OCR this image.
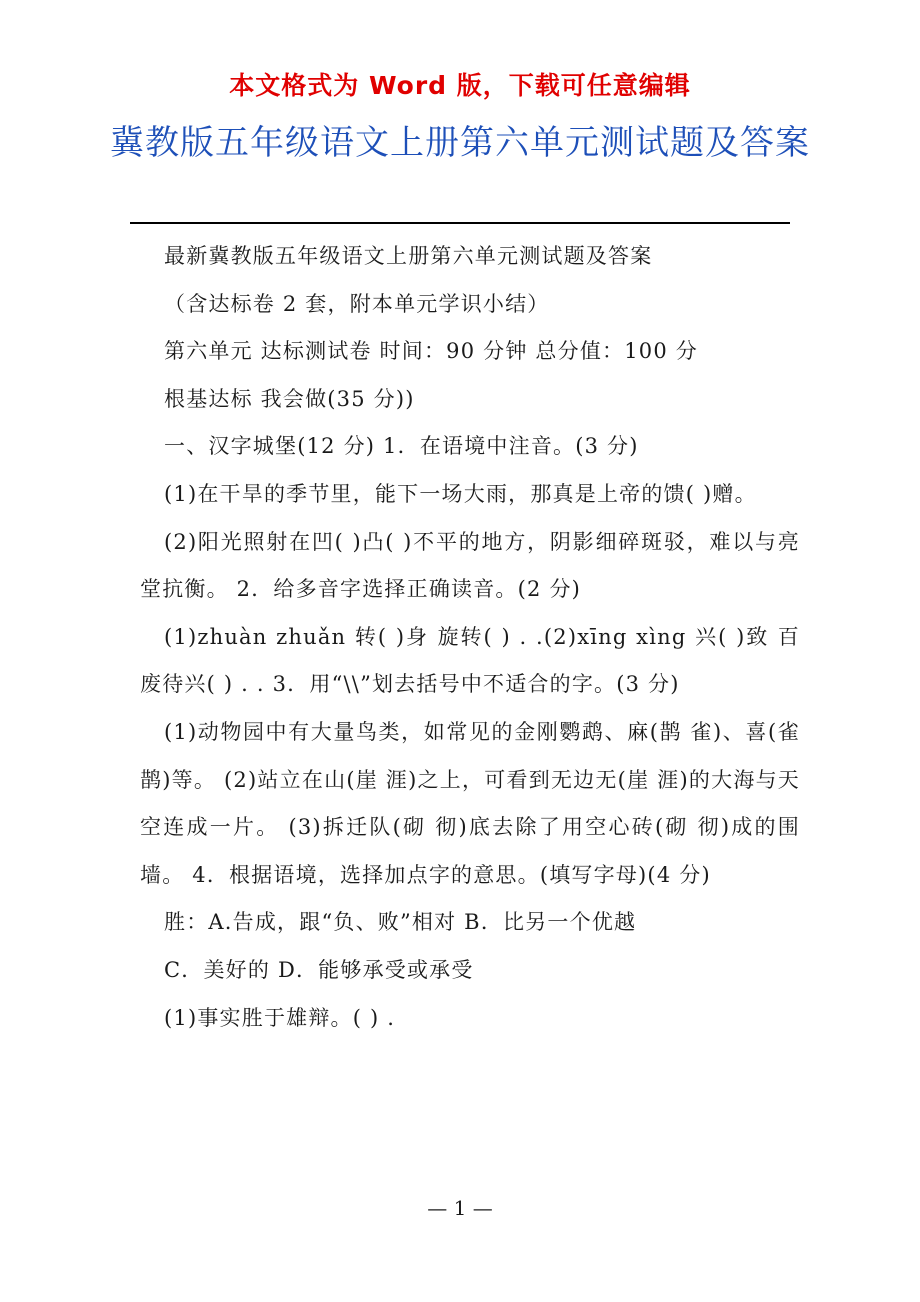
本文格式为 Word 版，下载可任意编辑
冀教版五年级语文上册第六单元测试题及答案

最新冀教版五年级语文上册第六单元测试题及答案

（含达标卷 2 套，附本单元学识小结）

第六单元 达标测试卷 时间：90 分钟 总分值：100 分

根基达标 我会做(35 分))

一、汉字城堡(12 分) 1．在语境中注音。(3 分)

(1)在干旱的季节里，能下一场大雨，那真是上帝的馈( )赠。

(2)阳光照射在凹( )凸( )不平的地方，阴影细碎斑驳，难以与亮堂抗衡。 2．给多音字选择正确读音。(2 分)

(1)zhuàn zhuǎn 转( )身 旋转( ) . .(2)xīng xìng 兴( )致 百废待兴( ) . . 3．用“\\”划去括号中不适合的字。(3 分)

(1)动物园中有大量鸟类，如常见的金刚鹦鹉、麻(鹊 雀)、喜(雀 鹊)等。 (2)站立在山(崖 涯)之上，可看到无边无(崖 涯)的大海与天空连成一片。 (3)拆迁队(砌 彻)底去除了用空心砖(砌 彻)成的围墙。 4．根据语境，选择加点字的意思。(填写字母)(4 分)

胜：A.告成，跟“负、败”相对 B．比另一个优越

C．美好的 D．能够承受或承受

(1)事实胜于雄辩。( ) .

— 1 —
